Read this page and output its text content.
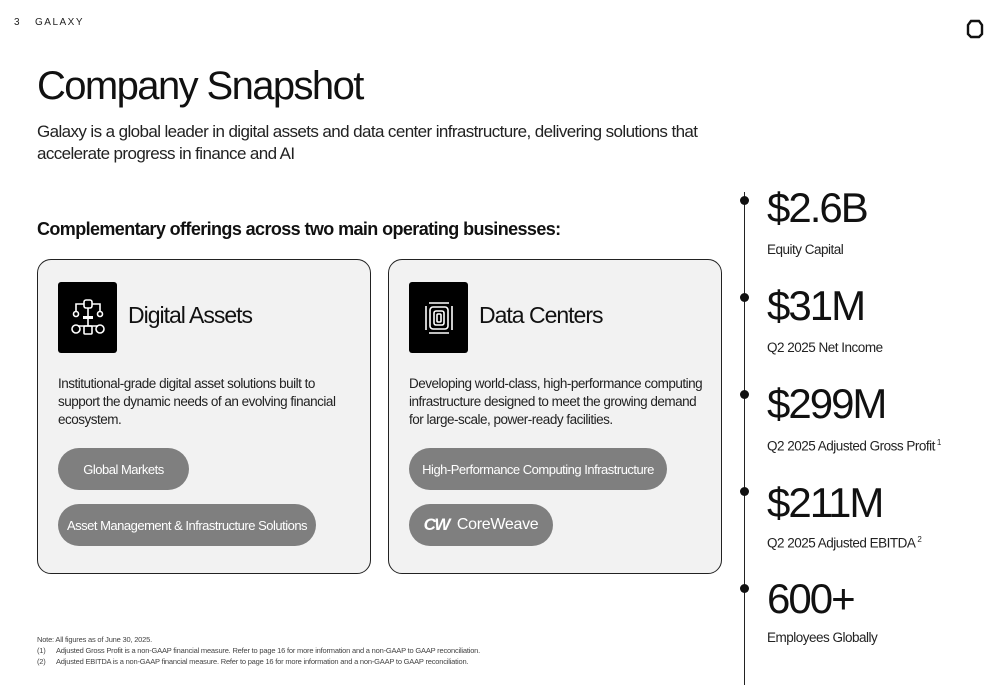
3 GALAXY
Company Snapshot

Galaxy is a global leader in digital assets and data center infrastructure, delivering solutions that accelerate progress in finance and AI

Complementary offerings across two main operating businesses:
Digital Assets

Institutional-grade digital asset solutions built to support the dynamic needs of an evolving financial ecosystem.

Global Markets
Asset Management & Infrastructure Solutions
Data Centers

Developing world-class, high-performance computing infrastructure designed to meet the growing demand for large-scale, power-ready facilities.

High-Performance Computing Infrastructure
CW CoreWeave
$2.6B
Equity Capital
$31M
Q2 2025 Net Income
$299M
Q2 2025 Adjusted Gross Profit $^1$
$211M
Q2 2025 Adjusted EBITDA $^2$
600+
Employees Globally
Note: All figures as of June 30, 2025.
(1)	Adjusted Gross Profit is a non-GAAP financial measure. Refer to page 16 for more information and a non-GAAP to GAAP reconciliation.
(2)	Adjusted EBITDA is a non-GAAP financial measure. Refer to page 16 for more information and a non-GAAP to GAAP reconciliation.
